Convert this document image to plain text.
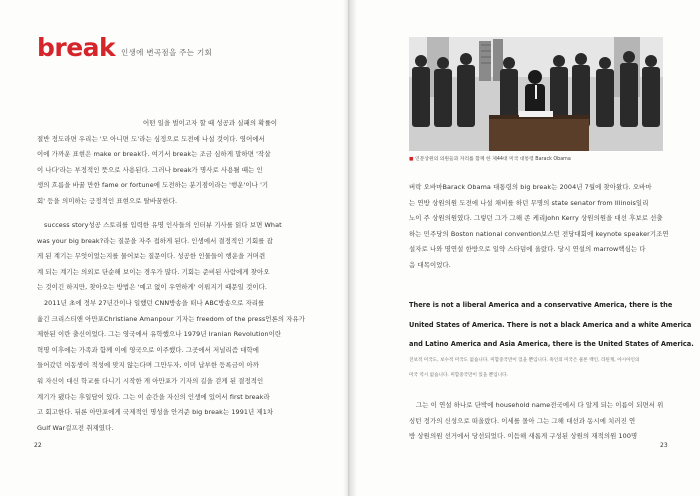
break 인생에 변곡점을 주는 기회

어떤 일을 벌이고자 할 때 성공과 실패의 확률이

절반 정도라면 우리는 '모 아니면 도'라는 심정으로 도전에 나설 것이다. 영어에서

이에 가까운 표현은 make or break다. 여기서 break는 조금 심하게 말하면 '작살

이 나다'라는 부정적인 뜻으로 사용된다. 그러나 break가 명사로 사용될 때는 인

생의 흐름을 바꿀 만한 fame or fortune에 도전하는 분기점이라는 '행운'이나 '기

회' 등을 의미하는 긍정적인 표현으로 탈바꿈한다.

success story성공 스토리를 입력한 유명 인사들의 인터뷰 기사를 읽다 보면 What

was your big break?라는 질문을 자주 접하게 된다. 인생에서 결정적인 기회를 잡

게 된 계기는 무엇이었는지를 물어보는 질문이다. 성공한 인물들이 행운을 거머쥔

계 되는 계기는 의외로 단순해 보이는 경우가 많다. 기회는 준비된 사람에게 찾아오

는 것이긴 하지만, 찾아오는 방법은 '예고 없이 우연하게' 이뤄지기 때문일 것이다.

2011년 초에 정부 27년간이나 일했던 CNN방송을 떠나 ABC방송으로 자리를

옮긴 크리스티앤 아만포Christiane Amanpour 기자는 freedom of the press언론의 자유가

제한된 이란 출신이었다. 그는 영국에서 유학했으나 1979년 Iranian Revolution이란

혁명 이후에는 가족과 함께 이에 영국으로 이주했다. 그곳에서 저널리즘 대학에

들어갔던 여동생이 적성에 맞지 않는다며 그만두자, 이미 납부한 등록금이 아까

워 자신이 대신 학교를 다니기 시작한 게 아만포가 기자의 길을 걷게 된 결정적인

계기가 됐다는 후일담이 있다. 그는 이 순간을 자신의 인생에 있어서 first break라

고 회고한다. 뒤론 아만포에게 국제적인 명성을 안겨준 big break는 1991년 제1차

Gulf War걸프전 취재였다.

22
■ 인문상원의 의원들과 자리를 함께 한 제44대 미국 대통령 Barack Obama

버락 오바마Barack Obama 대통령의 big break는 2004년 7월에 찾아왔다. 오바마

는 연방 상원의원 도전에 나설 채비를 하던 무명의 state senator from Illinois일리

노이 주 상원의원였다. 그렇던 그가 그해 존 케리John Kerry 상원의원을 대선 후보로 선출

하는 민주당의 Boston national convention보스턴 전당대회에 keynote speaker기조연

설자로 나와 명연설 한방으로 일약 스타덤에 올랐다. 당시 연설의 marrow핵심는 다

음 대목이었다.

There is not a liberal America and a conservative America, there is the

United States of America. There is not a black America and a white America

and Latino America and Asia America, there is the United States of America.

진보적 미국도, 보수적 미국도 없습니다. 미합중국만이 있을 뿐입니다. 흑인의 미국은 물론 백인, 라틴계, 아시아인의

미국 역시 없습니다. 미합중국만이 있을 뿐입니다.

그는 이 연설 하나로 단박에 household name전국에서 다 알게 되는 이름이 되면서 위

싱턴 정가의 신성으로 떠올랐다. 이세를 몰아 그는 그해 대선과 동시에 치러진 연

방 상원의원 선거에서 당선되었다. 이듬해 새롭게 구성된 상원의 재적의원 100명

23
